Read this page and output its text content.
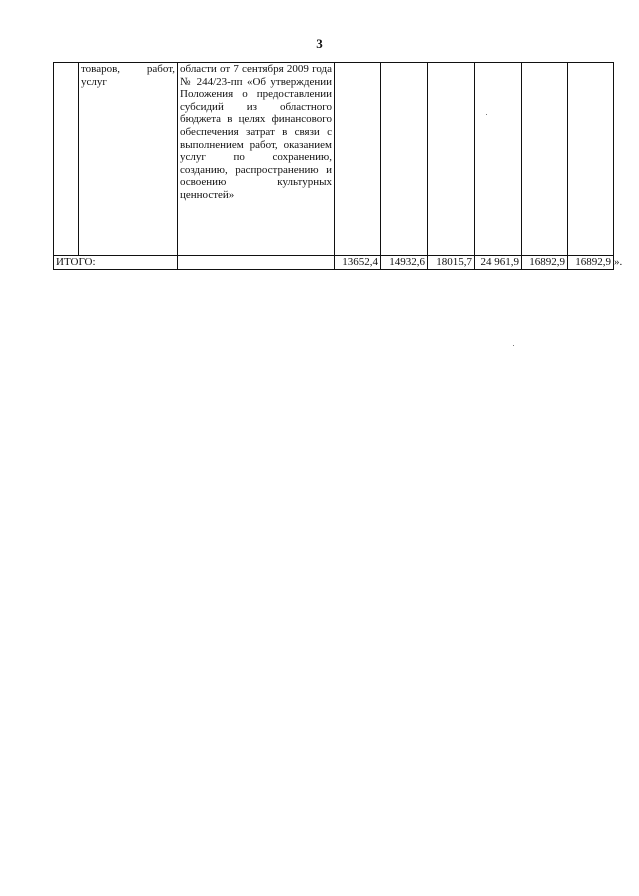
3

	товаров, работ, услуг	области от 7 сентября 2009 года № 244/23-пп «Об утверждении Положения о предоставлении субсидий из областного бюджета в целях финансового обеспечения затрат в связи с выполнением работ, оказанием услуг по сохранению, созданию, распространению и освоению культурных ценностей»						

ИТОГО:			13652,4	14932,6	18015,7	24 961,9	16892,9	16892,9 ».
